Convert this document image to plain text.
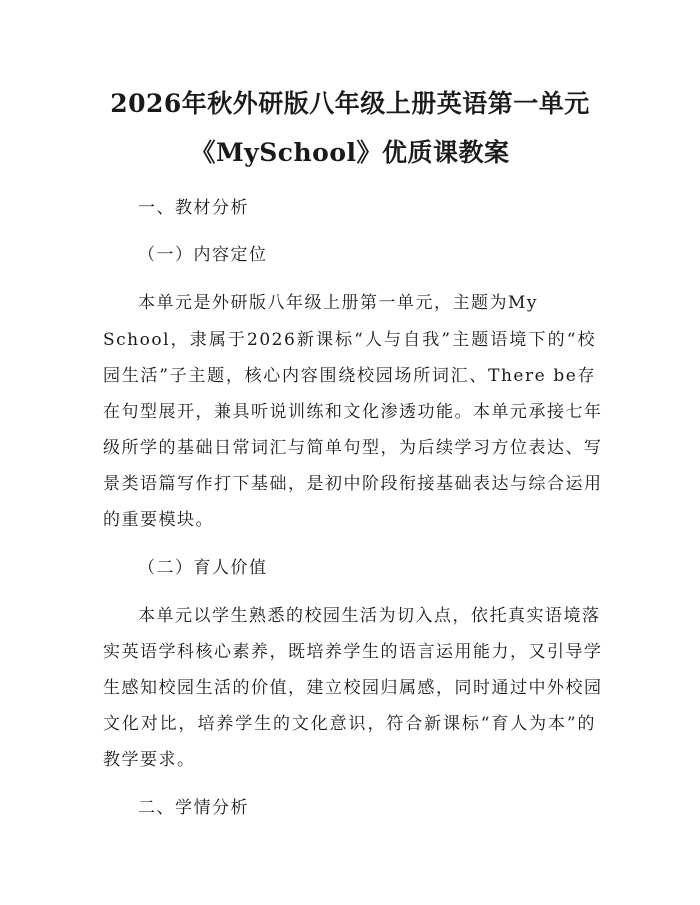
2026年秋外研版八年级上册英语第一单元
《MySchool》优质课教案
一、教材分析
（一）内容定位
本单元是外研版八年级上册第一单元，主题为My
School，隶属于2026新课标“人与自我”主题语境下的“校
园生活”子主题，核心内容围绕校园场所词汇、There be存
在句型展开，兼具听说训练和文化渗透功能。本单元承接七年
级所学的基础日常词汇与简单句型，为后续学习方位表达、写
景类语篇写作打下基础，是初中阶段衔接基础表达与综合运用
的重要模块。
（二）育人价值
本单元以学生熟悉的校园生活为切入点，依托真实语境落
实英语学科核心素养，既培养学生的语言运用能力，又引导学
生感知校园生活的价值，建立校园归属感，同时通过中外校园
文化对比，培养学生的文化意识，符合新课标“育人为本”的
教学要求。
二、学情分析
